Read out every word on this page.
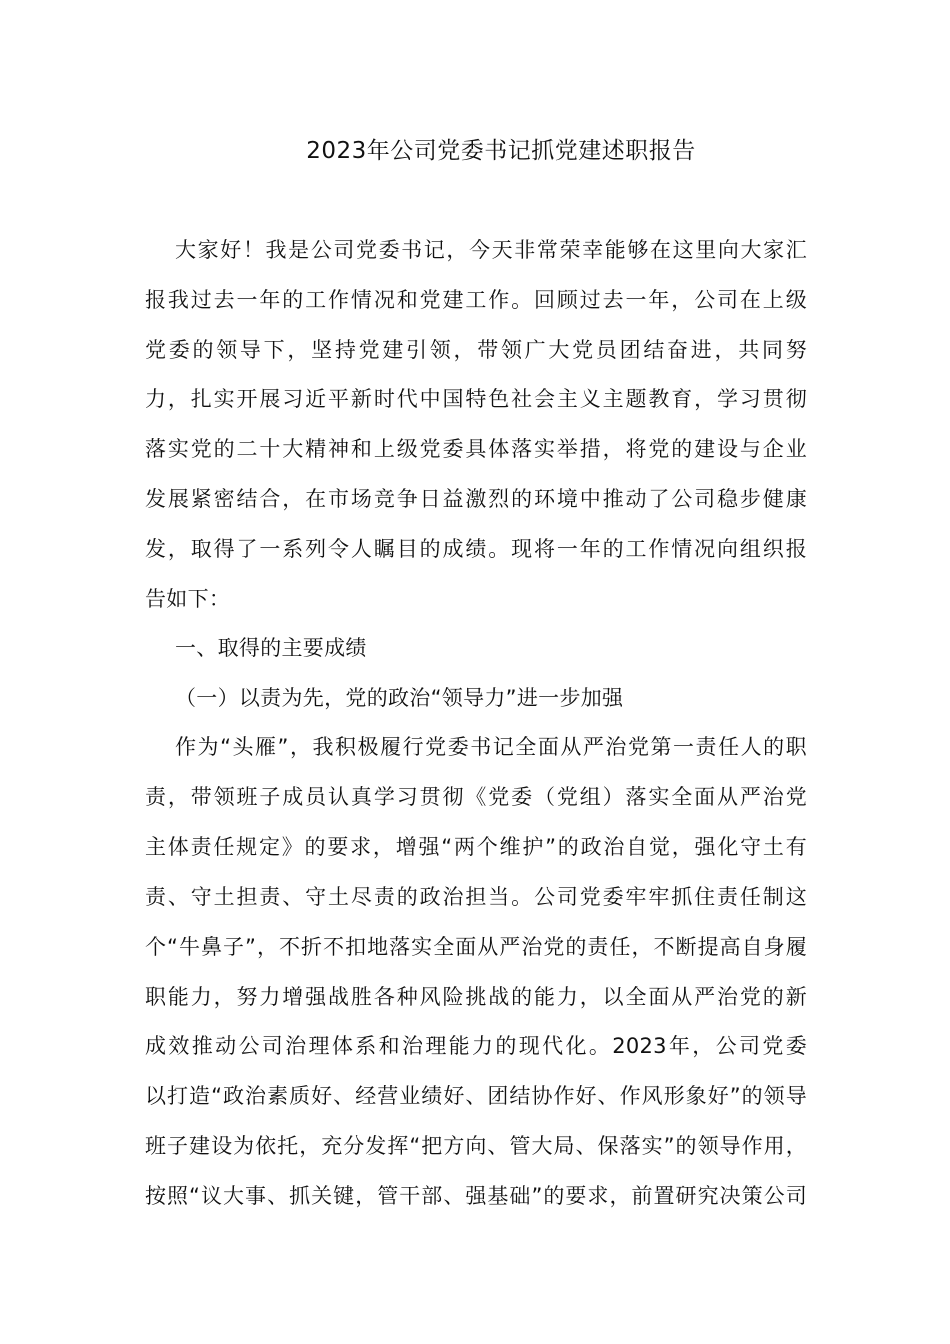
2023年公司党委书记抓党建述职报告
大家好！我是公司党委书记，今天非常荣幸能够在这里向大家汇
报我过去一年的工作情况和党建工作。回顾过去一年，公司在上级
党委的领导下，坚持党建引领，带领广大党员团结奋进，共同努
力，扎实开展习近平新时代中国特色社会主义主题教育，学习贯彻
落实党的二十大精神和上级党委具体落实举措，将党的建设与企业
发展紧密结合，在市场竞争日益激烈的环境中推动了公司稳步健康
发，取得了一系列令人瞩目的成绩。现将一年的工作情况向组织报
告如下：
一、取得的主要成绩
（一）以责为先，党的政治“领导力”进一步加强
作为“头雁”，我积极履行党委书记全面从严治党第一责任人的职
责，带领班子成员认真学习贯彻《党委（党组）落实全面从严治党
主体责任规定》的要求，增强“两个维护”的政治自觉，强化守土有
责、守土担责、守土尽责的政治担当。公司党委牢牢抓住责任制这
个“牛鼻子”，不折不扣地落实全面从严治党的责任，不断提高自身履
职能力，努力增强战胜各种风险挑战的能力，以全面从严治党的新
成效推动公司治理体系和治理能力的现代化。2023年，公司党委
以打造“政治素质好、经营业绩好、团结协作好、作风形象好”的领导
班子建设为依托，充分发挥“把方向、管大局、保落实”的领导作用，
按照“议大事、抓关键，管干部、强基础”的要求，前置研究决策公司
